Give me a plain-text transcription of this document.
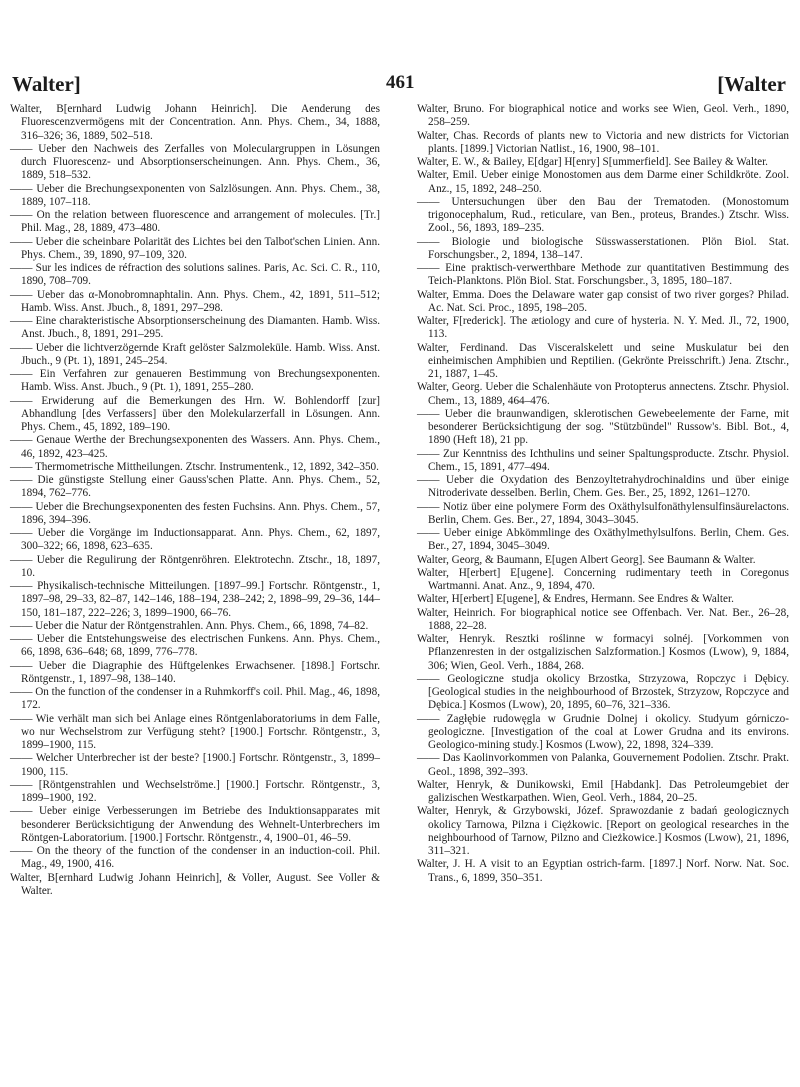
Walter]	461	[Walter

Walter, B[ernhard Ludwig Johann Heinrich]. Die Aenderung des Fluorescenzvermögens mit der Concentration. Ann. Phys. Chem., 34, 1888, 316–326; 36, 1889, 502–518.

—— Ueber den Nachweis des Zerfalles von Moleculargruppen in Lösungen durch Fluorescenz- und Absorptionserscheinungen. Ann. Phys. Chem., 36, 1889, 518–532.

—— Ueber die Brechungsexponenten von Salzlösungen. Ann. Phys. Chem., 38, 1889, 107–118.

—— On the relation between fluorescence and arrangement of molecules. [Tr.] Phil. Mag., 28, 1889, 473–480.

—— Ueber die scheinbare Polarität des Lichtes bei den Talbot'schen Linien. Ann. Phys. Chem., 39, 1890, 97–109, 320.

—— Sur les indices de réfraction des solutions salines. Paris, Ac. Sci. C. R., 110, 1890, 708–709.

—— Ueber das α-Monobromnaphtalin. Ann. Phys. Chem., 42, 1891, 511–512; Hamb. Wiss. Anst. Jbuch., 8, 1891, 297–298.

—— Eine charakteristische Absorptionserscheinung des Diamanten. Hamb. Wiss. Anst. Jbuch., 8, 1891, 291–295.

—— Ueber die lichtverzögernde Kraft gelöster Salzmoleküle. Hamb. Wiss. Anst. Jbuch., 9 (Pt. 1), 1891, 245–254.

—— Ein Verfahren zur genaueren Bestimmung von Brechungsexponenten. Hamb. Wiss. Anst. Jbuch., 9 (Pt. 1), 1891, 255–280.

—— Erwiderung auf die Bemerkungen des Hrn. W. Bohlendorff [zur] Abhandlung [des Verfassers] über den Molekularzerfall in Lösungen. Ann. Phys. Chem., 45, 1892, 189–190.

—— Genaue Werthe der Brechungsexponenten des Wassers. Ann. Phys. Chem., 46, 1892, 423–425.

—— Thermometrische Mittheilungen. Ztschr. Instrumentenk., 12, 1892, 342–350.

—— Die günstigste Stellung einer Gauss'schen Platte. Ann. Phys. Chem., 52, 1894, 762–776.

—— Ueber die Brechungsexponenten des festen Fuchsins. Ann. Phys. Chem., 57, 1896, 394–396.

—— Ueber die Vorgänge im Inductionsapparat. Ann. Phys. Chem., 62, 1897, 300–322; 66, 1898, 623–635.

—— Ueber die Regulirung der Röntgenröhren. Elektrotechn. Ztschr., 18, 1897, 10.

—— Physikalisch-technische Mitteilungen. [1897–99.] Fortschr. Röntgenstr., 1, 1897–98, 29–33, 82–87, 142–146, 188–194, 238–242; 2, 1898–99, 29–36, 144–150, 181–187, 222–226; 3, 1899–1900, 66–76.

—— Ueber die Natur der Röntgenstrahlen. Ann. Phys. Chem., 66, 1898, 74–82.

—— Ueber die Entstehungsweise des electrischen Funkens. Ann. Phys. Chem., 66, 1898, 636–648; 68, 1899, 776–778.

—— Ueber die Diagraphie des Hüftgelenkes Erwachsener. [1898.] Fortschr. Röntgenstr., 1, 1897–98, 138–140.

—— On the function of the condenser in a Ruhmkorff's coil. Phil. Mag., 46, 1898, 172.

—— Wie verhält man sich bei Anlage eines Röntgenlaboratoriums in dem Falle, wo nur Wechselstrom zur Verfügung steht? [1900.] Fortschr. Röntgenstr., 3, 1899–1900, 115.

—— Welcher Unterbrecher ist der beste? [1900.] Fortschr. Röntgenstr., 3, 1899–1900, 115.

—— [Röntgenstrahlen und Wechselströme.] [1900.] Fortschr. Röntgenstr., 3, 1899–1900, 192.

—— Ueber einige Verbesserungen im Betriebe des Induktionsapparates mit besonderer Berücksichtigung der Anwendung des Wehnelt-Unterbrechers im Röntgen-Laboratorium. [1900.] Fortschr. Röntgenstr., 4, 1900–01, 46–59.

—— On the theory of the function of the condenser in an induction-coil. Phil. Mag., 49, 1900, 416.

Walter, B[ernhard Ludwig Johann Heinrich], & Voller, August. See Voller & Walter.

Walter, Bruno. For biographical notice and works see Wien, Geol. Verh., 1890, 258–259.

Walter, Chas. Records of plants new to Victoria and new districts for Victorian plants. [1899.] Victorian Natlist., 16, 1900, 98–101.

Walter, E. W., & Bailey, E[dgar] H[enry] S[ummerfield]. See Bailey & Walter.

Walter, Emil. Ueber einige Monostomen aus dem Darme einer Schildkröte. Zool. Anz., 15, 1892, 248–250.

—— Untersuchungen über den Bau der Trematoden. (Monostomum trigonocephalum, Rud., reticulare, van Ben., proteus, Brandes.) Ztschr. Wiss. Zool., 56, 1893, 189–235.

—— Biologie und biologische Süsswasserstationen. Plön Biol. Stat. Forschungsber., 2, 1894, 138–147.

—— Eine praktisch-verwerthbare Methode zur quantitativen Bestimmung des Teich-Planktons. Plön Biol. Stat. Forschungsber., 3, 1895, 180–187.

Walter, Emma. Does the Delaware water gap consist of two river gorges? Philad. Ac. Nat. Sci. Proc., 1895, 198–205.

Walter, F[rederick]. The ætiology and cure of hysteria. N. Y. Med. Jl., 72, 1900, 113.

Walter, Ferdinand. Das Visceralskelett und seine Muskulatur bei den einheimischen Amphibien und Reptilien. (Gekrönte Preisschrift.) Jena. Ztschr., 21, 1887, 1–45.

Walter, Georg. Ueber die Schalenhäute von Protopterus annectens. Ztschr. Physiol. Chem., 13, 1889, 464–476.

—— Ueber die braunwandigen, sklerotischen Gewebeelemente der Farne, mit besonderer Berücksichtigung der sog. "Stützbündel" Russow's. Bibl. Bot., 4, 1890 (Heft 18), 21 pp.

—— Zur Kenntniss des Ichthulins und seiner Spaltungsproducte. Ztschr. Physiol. Chem., 15, 1891, 477–494.

—— Ueber die Oxydation des Benzoyltetrahydrochinaldins und über einige Nitroderivate desselben. Berlin, Chem. Ges. Ber., 25, 1892, 1261–1270.

—— Notiz über eine polymere Form des Oxäthylsulfonäthylensulfinsäurelactons. Berlin, Chem. Ges. Ber., 27, 1894, 3043–3045.

—— Ueber einige Abkömmlinge des Oxäthylmethylsulfons. Berlin, Chem. Ges. Ber., 27, 1894, 3045–3049.

Walter, Georg, & Baumann, E[ugen Albert Georg]. See Baumann & Walter.

Walter, H[erbert] E[ugene]. Concerning rudimentary teeth in Coregonus Wartmanni. Anat. Anz., 9, 1894, 470.

Walter, H[erbert] E[ugene], & Endres, Hermann. See Endres & Walter.

Walter, Heinrich. For biographical notice see Offenbach. Ver. Nat. Ber., 26–28, 1888, 22–28.

Walter, Henryk. Resztki roślinne w formacyi solnéj. [Vorkommen von Pflanzenresten in der ostgalizischen Salzformation.] Kosmos (Lwow), 9, 1884, 306; Wien, Geol. Verh., 1884, 268.

—— Geologiczne studja okolicy Brzostka, Strzyzowa, Ropczyc i Dębicy. [Geological studies in the neighbourhood of Brzostek, Strzyzow, Ropczyce and Dębica.] Kosmos (Lwow), 20, 1895, 60–76, 321–336.

—— Zagłębie rudowęgla w Grudnie Dolnej i okolicy. Studyum górniczo-geologiczne. [Investigation of the coal at Lower Grudna and its environs. Geologico-mining study.] Kosmos (Lwow), 22, 1898, 324–339.

—— Das Kaolinvorkommen von Palanka, Gouvernement Podolien. Ztschr. Prakt. Geol., 1898, 392–393.

Walter, Henryk, & Dunikowski, Emil [Habdank]. Das Petroleumgebiet der galizischen Westkarpathen. Wien, Geol. Verh., 1884, 20–25.

Walter, Henryk, & Grzybowski, Józef. Sprawozdanie z badań geologicznych okolicy Tarnowa, Pilzna i Ciężkowic. [Report on geological researches in the neighbourhood of Tarnow, Pilzno and Cieżkowice.] Kosmos (Lwow), 21, 1896, 311–321.

Walter, J. H. A visit to an Egyptian ostrich-farm. [1897.] Norf. Norw. Nat. Soc. Trans., 6, 1899, 350–351.
